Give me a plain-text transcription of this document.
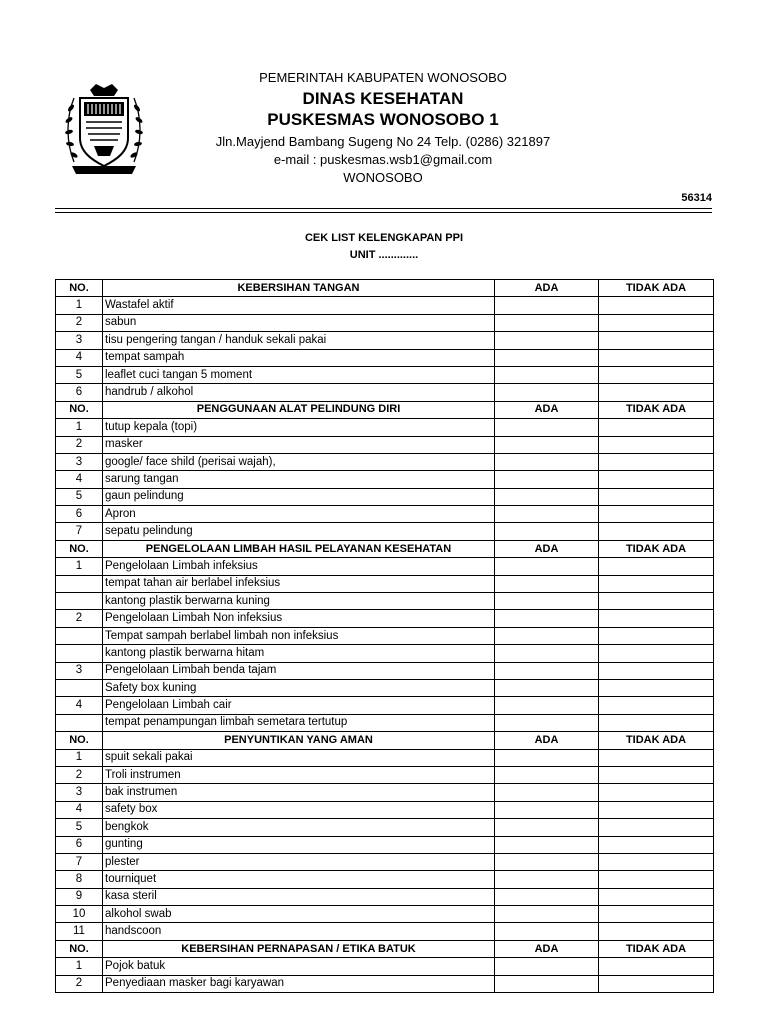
PEMERINTAH KABUPATEN WONOSOBO
DINAS KESEHATAN
PUSKESMAS WONOSOBO 1
Jln.Mayjend Bambang Sugeng No 24 Telp. (0286) 321897
e-mail : puskesmas.wsb1@gmail.com
WONOSOBO
56314
CEK LIST KELENGKAPAN PPI
UNIT .............
NO.	KEBERSIHAN TANGAN	ADA	TIDAK ADA
1	Wastafel aktif		
2	sabun		
3	tisu pengering tangan / handuk sekali pakai		
4	tempat sampah		
5	leaflet cuci tangan 5 moment		
6	handrub / alkohol		
NO.	PENGGUNAAN ALAT PELINDUNG DIRI	ADA	TIDAK ADA
1	tutup kepala (topi)		
2	masker		
3	google/ face shild (perisai wajah),		
4	sarung tangan		
5	gaun pelindung		
6	Apron		
7	sepatu pelindung		
NO.	PENGELOLAAN LIMBAH HASIL PELAYANAN KESEHATAN	ADA	TIDAK ADA
1	Pengelolaan Limbah infeksius		
	tempat tahan air berlabel infeksius		
	kantong plastik berwarna kuning		
2	Pengelolaan Limbah Non infeksius		
	Tempat sampah berlabel limbah non infeksius		
	kantong plastik berwarna hitam		
3	Pengelolaan Limbah benda tajam		
	Safety box kuning		
4	Pengelolaan Limbah cair		
	tempat penampungan limbah semetara tertutup		
NO.	PENYUNTIKAN YANG AMAN	ADA	TIDAK ADA
1	spuit sekali pakai		
2	Troli instrumen		
3	bak instrumen		
4	safety box		
5	bengkok		
6	gunting		
7	plester		
8	tourniquet		
9	kasa steril		
10	alkohol swab		
11	handscoon		
NO.	KEBERSIHAN PERNAPASAN / ETIKA BATUK	ADA	TIDAK ADA
1	Pojok batuk		
2	Penyediaan masker bagi karyawan		
